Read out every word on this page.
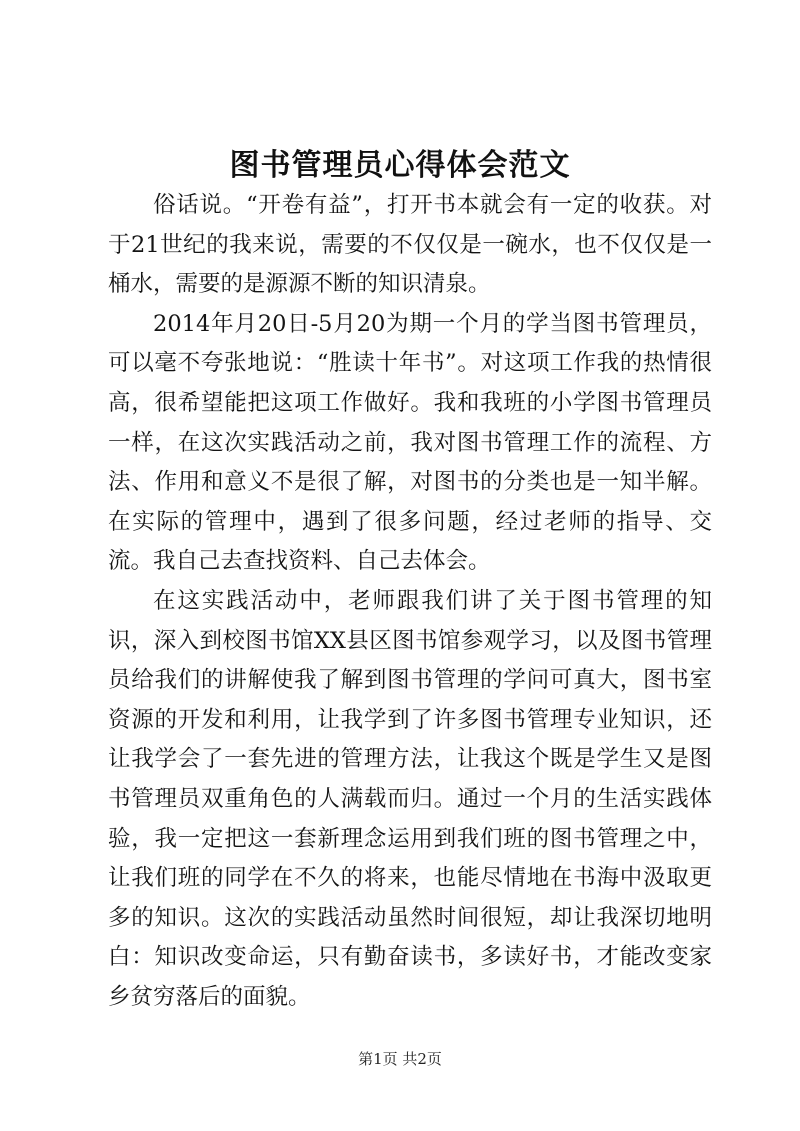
图书管理员心得体会范文

俗话说。“开卷有益”，打开书本就会有一定的收获。对于21世纪的我来说，需要的不仅仅是一碗水，也不仅仅是一桶水，需要的是源源不断的知识清泉。

2014年月20日-5月20为期一个月的学当图书管理员，可以毫不夸张地说：“胜读十年书”。对这项工作我的热情很高，很希望能把这项工作做好。我和我班的小学图书管理员一样，在这次实践活动之前，我对图书管理工作的流程、方法、作用和意义不是很了解，对图书的分类也是一知半解。在实际的管理中，遇到了很多问题，经过老师的指导、交流。我自己去查找资料、自己去体会。

在这实践活动中，老师跟我们讲了关于图书管理的知识，深入到校图书馆XX县区图书馆参观学习，以及图书管理员给我们的讲解使我了解到图书管理的学问可真大，图书室资源的开发和利用，让我学到了许多图书管理专业知识，还让我学会了一套先进的管理方法，让我这个既是学生又是图书管理员双重角色的人满载而归。通过一个月的生活实践体验，我一定把这一套新理念运用到我们班的图书管理之中，让我们班的同学在不久的将来，也能尽情地在书海中汲取更多的知识。这次的实践活动虽然时间很短，却让我深切地明白：知识改变命运，只有勤奋读书，多读好书，才能改变家乡贫穷落后的面貌。

第1页 共2页
